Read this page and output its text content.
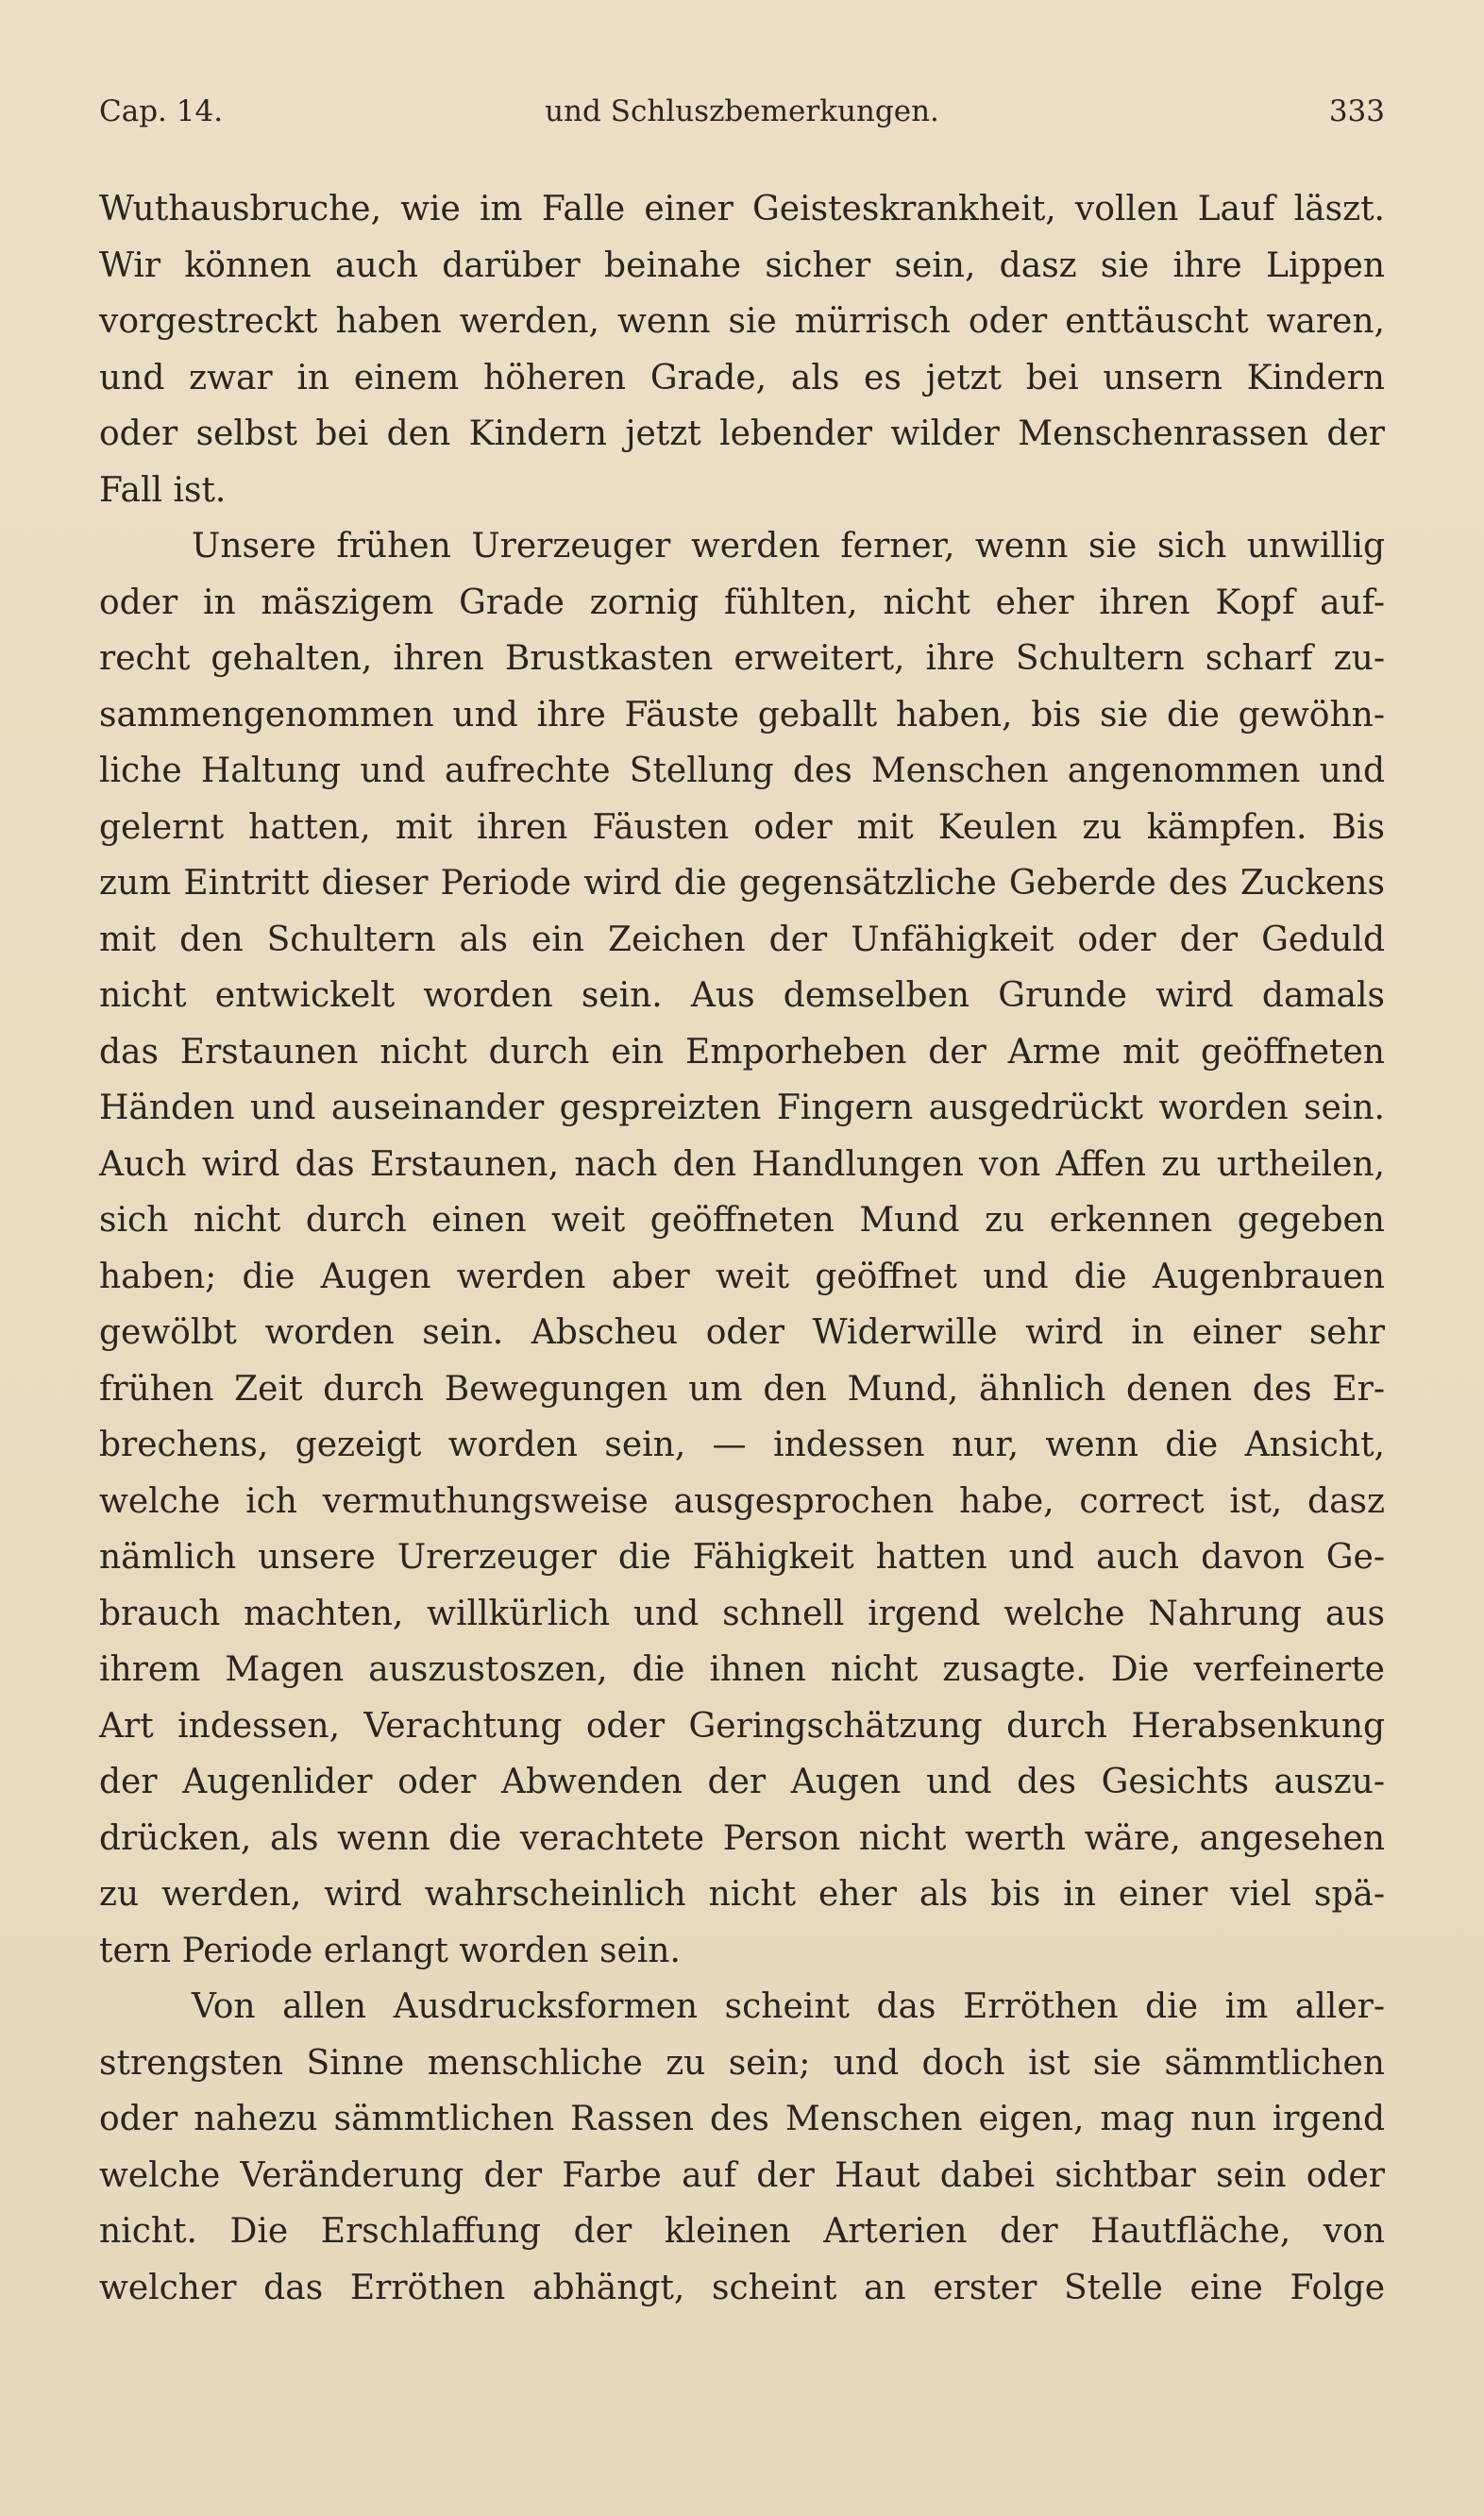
und Schluszbemerkungen.
Cap. 14.	333
Wuthausbruche, wie im Falle einer Geisteskrankheit, vollen Lauf läszt.
Wir können auch darüber beinahe sicher sein, dasz sie ihre Lippen
vorgestreckt haben werden, wenn sie mürrisch oder enttäuscht waren,
und zwar in einem höheren Grade, als es jetzt bei unsern Kindern
oder selbst bei den Kindern jetzt lebender wilder Menschenrassen der
Fall ist.
Unsere frühen Urerzeuger werden ferner, wenn sie sich unwillig
oder in mäszigem Grade zornig fühlten, nicht eher ihren Kopf auf-
recht gehalten, ihren Brustkasten erweitert, ihre Schultern scharf zu-
sammengenommen und ihre Fäuste geballt haben, bis sie die gewöhn-
liche Haltung und aufrechte Stellung des Menschen angenommen und
gelernt hatten, mit ihren Fäusten oder mit Keulen zu kämpfen. Bis
zum Eintritt dieser Periode wird die gegensätzliche Geberde des Zuckens
mit den Schultern als ein Zeichen der Unfähigkeit oder der Geduld
nicht entwickelt worden sein. Aus demselben Grunde wird damals
das Erstaunen nicht durch ein Emporheben der Arme mit geöffneten
Händen und auseinander gespreizten Fingern ausgedrückt worden sein.
Auch wird das Erstaunen, nach den Handlungen von Affen zu urtheilen,
sich nicht durch einen weit geöffneten Mund zu erkennen gegeben
haben; die Augen werden aber weit geöffnet und die Augenbrauen
gewölbt worden sein. Abscheu oder Widerwille wird in einer sehr
frühen Zeit durch Bewegungen um den Mund, ähnlich denen des Er-
brechens, gezeigt worden sein, — indessen nur, wenn die Ansicht,
welche ich vermuthungsweise ausgesprochen habe, correct ist, dasz
nämlich unsere Urerzeuger die Fähigkeit hatten und auch davon Ge-
brauch machten, willkürlich und schnell irgend welche Nahrung aus
ihrem Magen auszustoszen, die ihnen nicht zusagte. Die verfeinerte
Art indessen, Verachtung oder Geringschätzung durch Herabsenkung
der Augenlider oder Abwenden der Augen und des Gesichts auszu-
drücken, als wenn die verachtete Person nicht werth wäre, angesehen
zu werden, wird wahrscheinlich nicht eher als bis in einer viel spä-
tern Periode erlangt worden sein.
Von allen Ausdrucksformen scheint das Erröthen die im aller-
strengsten Sinne menschliche zu sein; und doch ist sie sämmtlichen
oder nahezu sämmtlichen Rassen des Menschen eigen, mag nun irgend
welche Veränderung der Farbe auf der Haut dabei sichtbar sein oder
nicht. Die Erschlaffung der kleinen Arterien der Hautfläche, von
welcher das Erröthen abhängt, scheint an erster Stelle eine Folge
